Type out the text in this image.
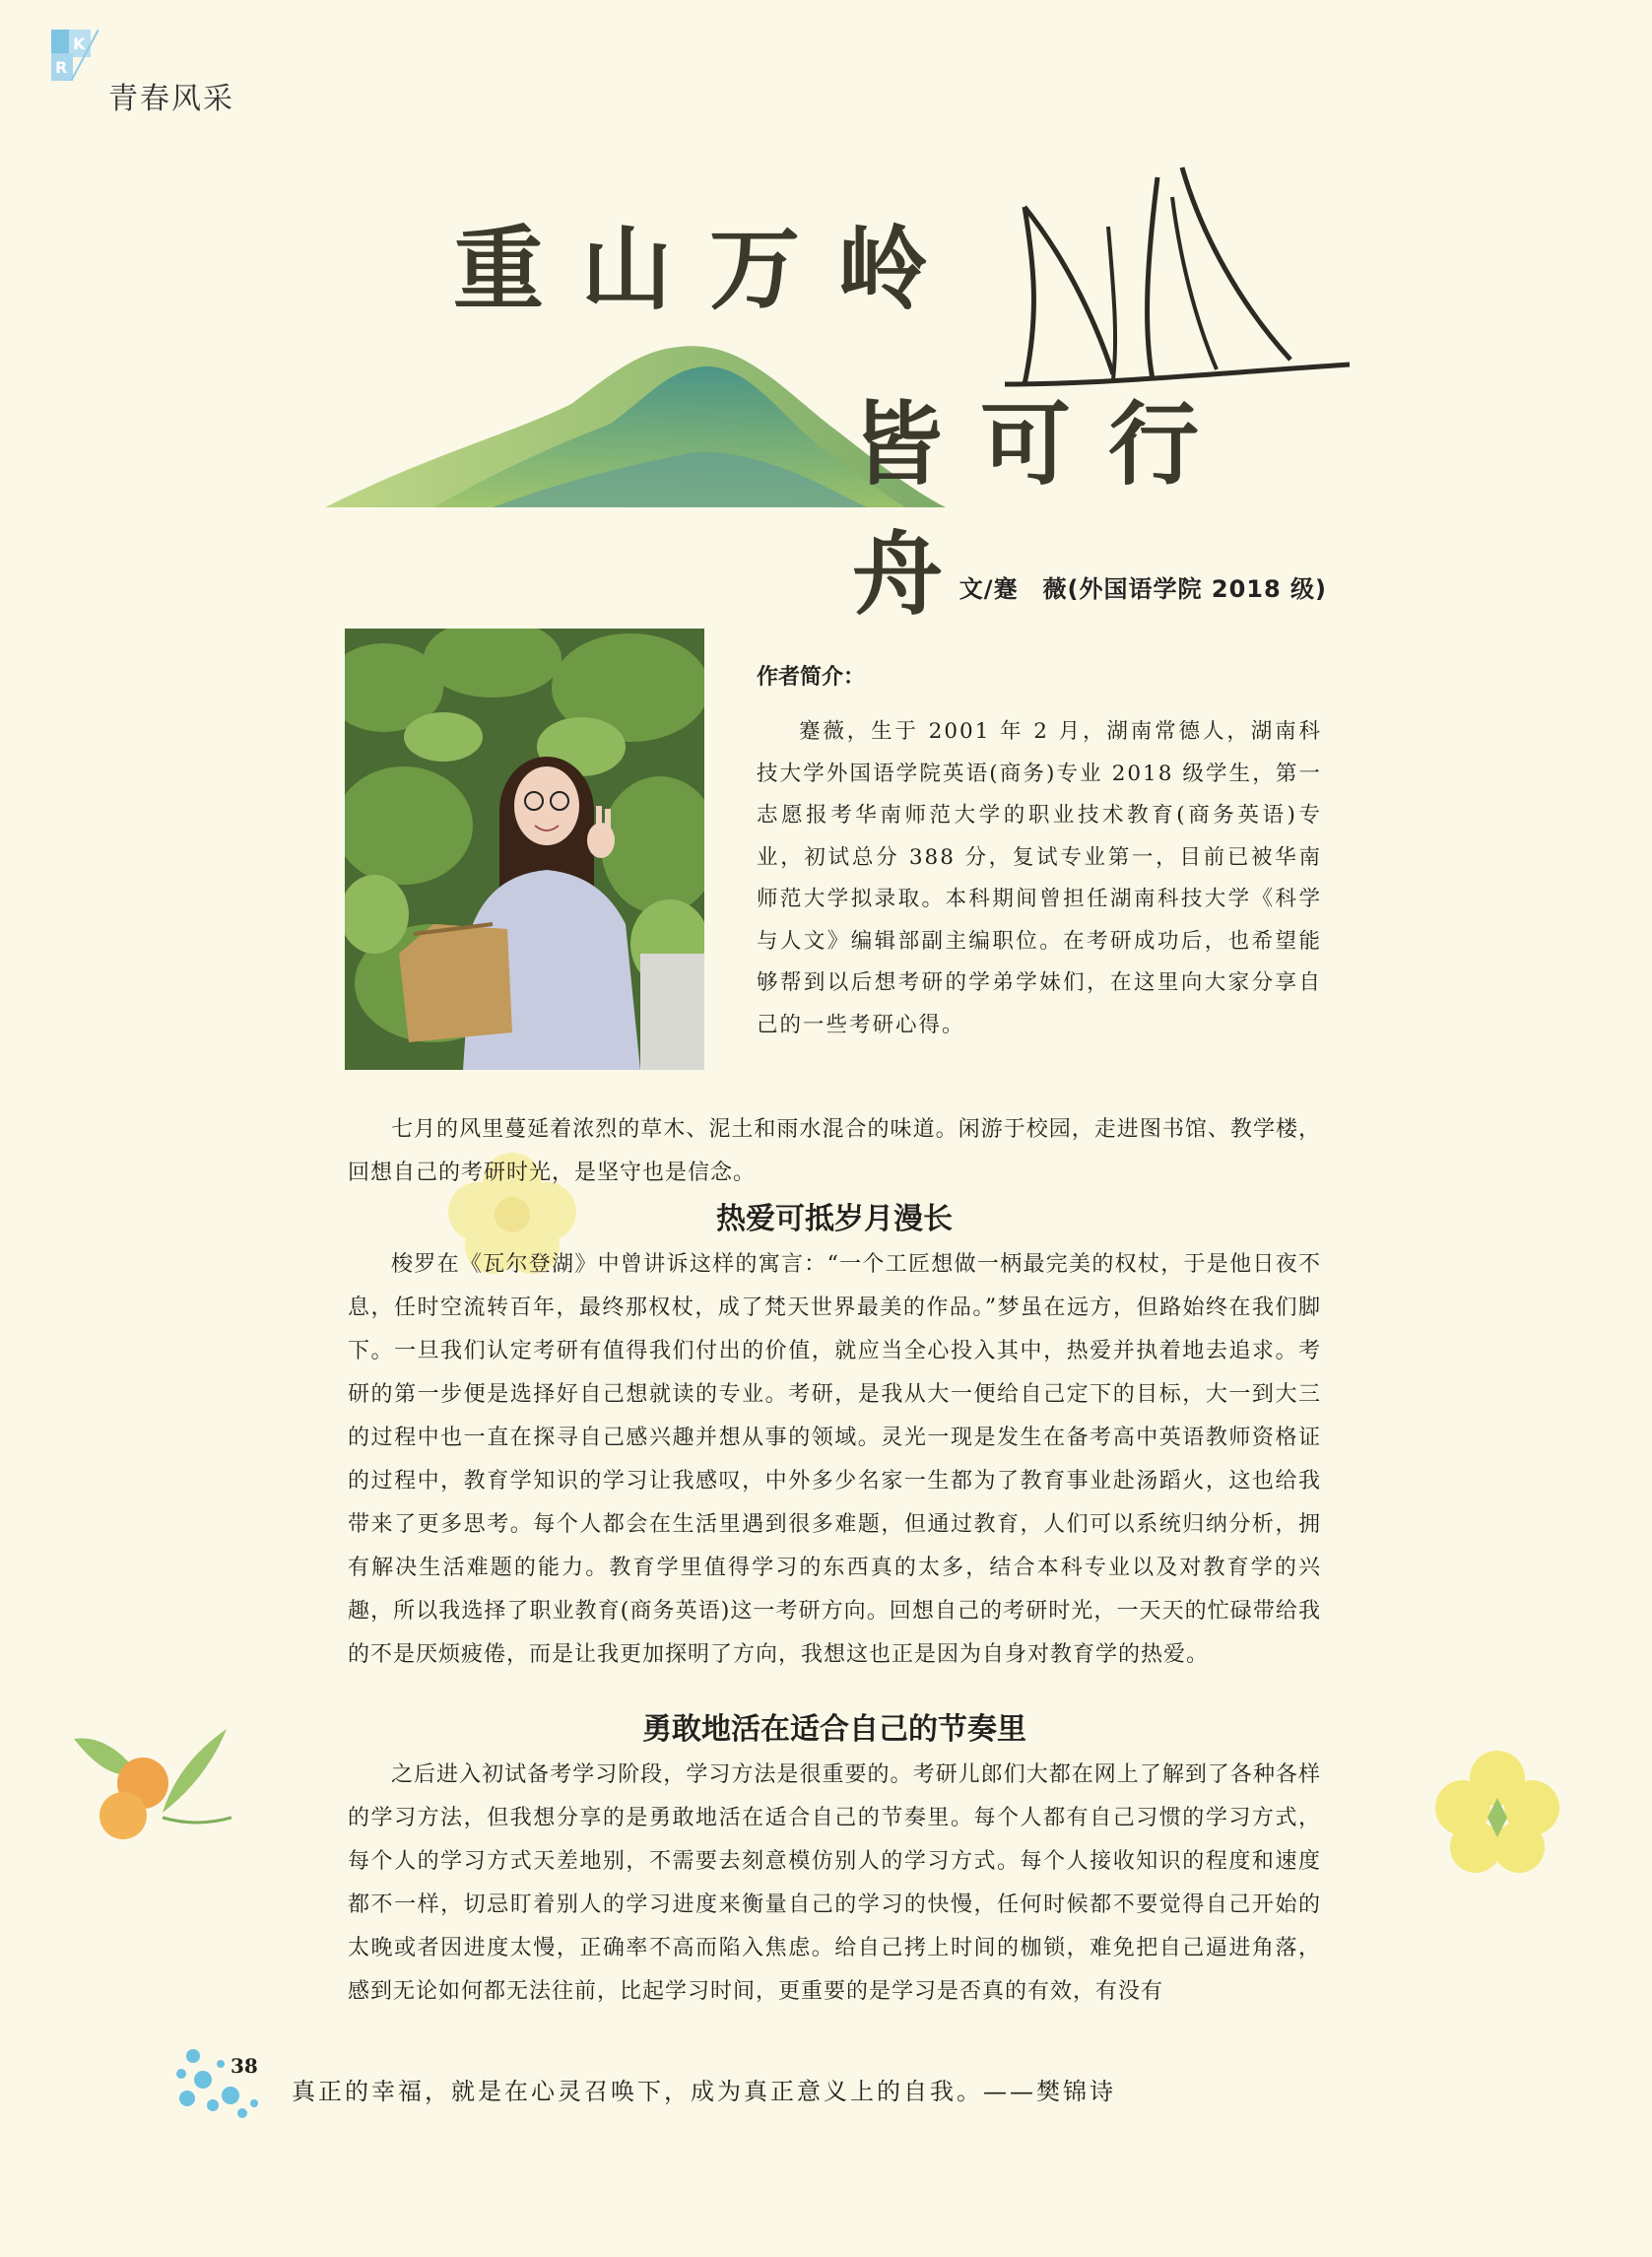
K
R
青春风采
重山万岭
皆可行舟
文/蹇　薇(外国语学院 2018 级)
作者简介：
蹇薇，生于 2001 年 2 月，湖南常德人，湖南科技大学外国语学院英语(商务)专业 2018 级学生，第一志愿报考华南师范大学的职业技术教育(商务英语)专业，初试总分 388 分，复试专业第一，目前已被华南师范大学拟录取。本科期间曾担任湖南科技大学《科学与人文》编辑部副主编职位。在考研成功后，也希望能够帮到以后想考研的学弟学妹们，在这里向大家分享自己的一些考研心得。
七月的风里蔓延着浓烈的草木、泥土和雨水混合的味道。闲游于校园，走进图书馆、教学楼，回想自己的考研时光，是坚守也是信念。
热爱可抵岁月漫长
梭罗在《瓦尔登湖》中曾讲诉这样的寓言：“一个工匠想做一柄最完美的权杖，于是他日夜不息，任时空流转百年，最终那权杖，成了梵天世界最美的作品。”梦虽在远方，但路始终在我们脚下。一旦我们认定考研有值得我们付出的价值，就应当全心投入其中，热爱并执着地去追求。考研的第一步便是选择好自己想就读的专业。考研，是我从大一便给自己定下的目标，大一到大三的过程中也一直在探寻自己感兴趣并想从事的领域。灵光一现是发生在备考高中英语教师资格证的过程中，教育学知识的学习让我感叹，中外多少名家一生都为了教育事业赴汤蹈火，这也给我带来了更多思考。每个人都会在生活里遇到很多难题，但通过教育，人们可以系统归纳分析，拥有解决生活难题的能力。教育学里值得学习的东西真的太多，结合本科专业以及对教育学的兴趣，所以我选择了职业教育(商务英语)这一考研方向。回想自己的考研时光，一天天的忙碌带给我的不是厌烦疲倦，而是让我更加探明了方向，我想这也正是因为自身对教育学的热爱。
勇敢地活在适合自己的节奏里
之后进入初试备考学习阶段，学习方法是很重要的。考研儿郎们大都在网上了解到了各种各样的学习方法，但我想分享的是勇敢地活在适合自己的节奏里。每个人都有自己习惯的学习方式，每个人的学习方式天差地别，不需要去刻意模仿别人的学习方式。每个人接收知识的程度和速度都不一样，切忌盯着别人的学习进度来衡量自己的学习的快慢，任何时候都不要觉得自己开始的太晚或者因进度太慢，正确率不高而陷入焦虑。给自己拷上时间的枷锁，难免把自己逼进角落，感到无论如何都无法往前，比起学习时间，更重要的是学习是否真的有效，有没有
38
真正的幸福，就是在心灵召唤下，成为真正意义上的自我。——樊锦诗
